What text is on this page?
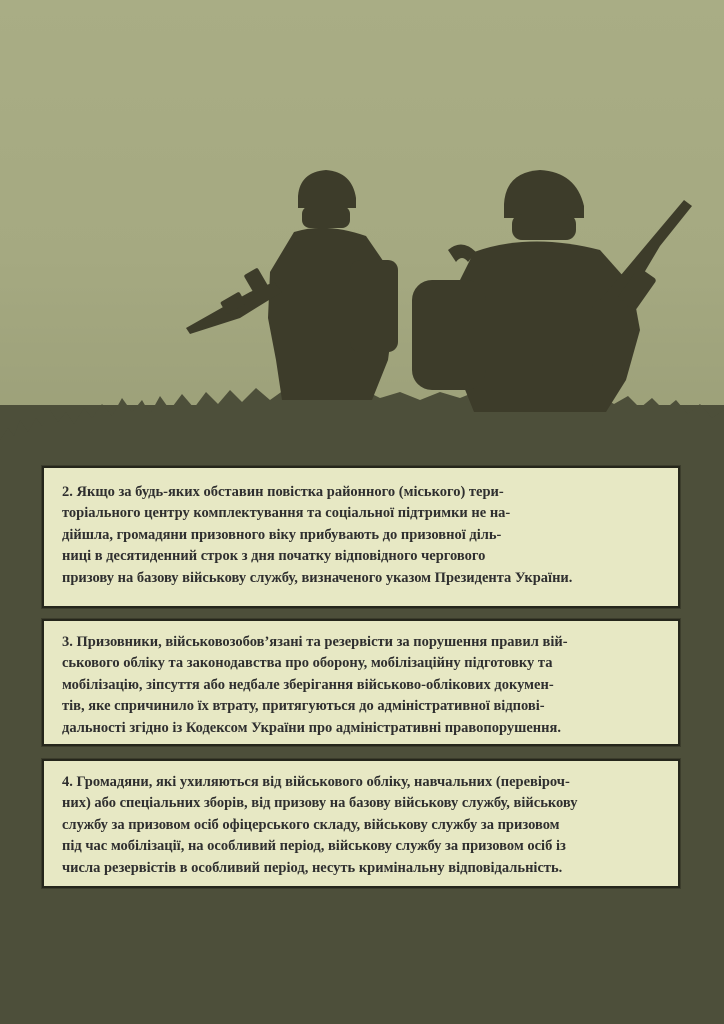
2. Якщо за будь-яких обставин повістка районного (міського) тери-
торіального центру комплектування та соціальної підтримки не на-
дійшла, громадяни призовного віку прибувають до призовної діль-
ниці в десятиденний строк з дня початку відповідного чергового
призову на базову військову службу, визначеного указом Президента України.

3. Призовники, військовозобов’язані та резервісти за порушення правил вій-
ськового обліку та законодавства про оборону, мобілізаційну підготовку та
мобілізацію, зіпсуття або недбале зберігання військово-облікових докумен-
тів, яке спричинило їх втрату, притягуються до адміністративної відпові-
дальності згідно із Кодексом України про адміністративні правопорушення.

4. Громадяни, які ухиляються від військового обліку, навчальних (перевіроч-
них) або спеціальних зборів, від призову на базову військову службу, військову
службу за призовом осіб офіцерського складу, військову службу за призовом
під час мобілізації, на особливий період, військову службу за призовом осіб із
числа резервістів в особливий період, несуть кримінальну відповідальність.
